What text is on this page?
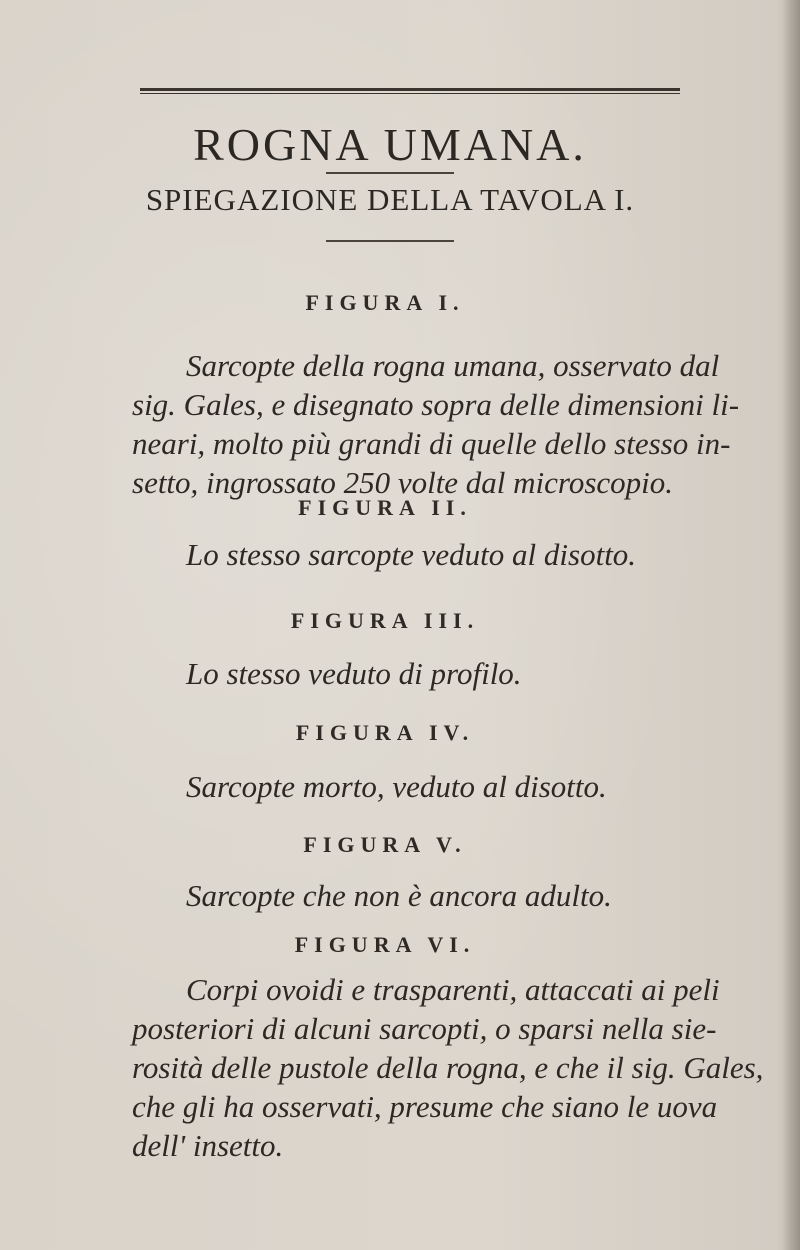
ROGNA UMANA.
SPIEGAZIONE DELLA TAVOLA I.
FIGURA I.

Sarcopte della rogna umana, osservato dal
sig. Gales, e disegnato sopra delle dimensioni li-
neari, molto più grandi di quelle dello stesso in-
setto, ingrossato 250 volte dal microscopio.

FIGURA II.

Lo stesso sarcopte veduto al disotto.

FIGURA III.

Lo stesso veduto di profilo.

FIGURA IV.

Sarcopte morto, veduto al disotto.

FIGURA V.

Sarcopte che non è ancora adulto.

FIGURA VI.

Corpi ovoidi e trasparenti, attaccati ai peli
posteriori di alcuni sarcopti, o sparsi nella sie-
rosità delle pustole della rogna, e che il sig. Gales,
che gli ha osservati, presume che siano le uova
dell' insetto.
